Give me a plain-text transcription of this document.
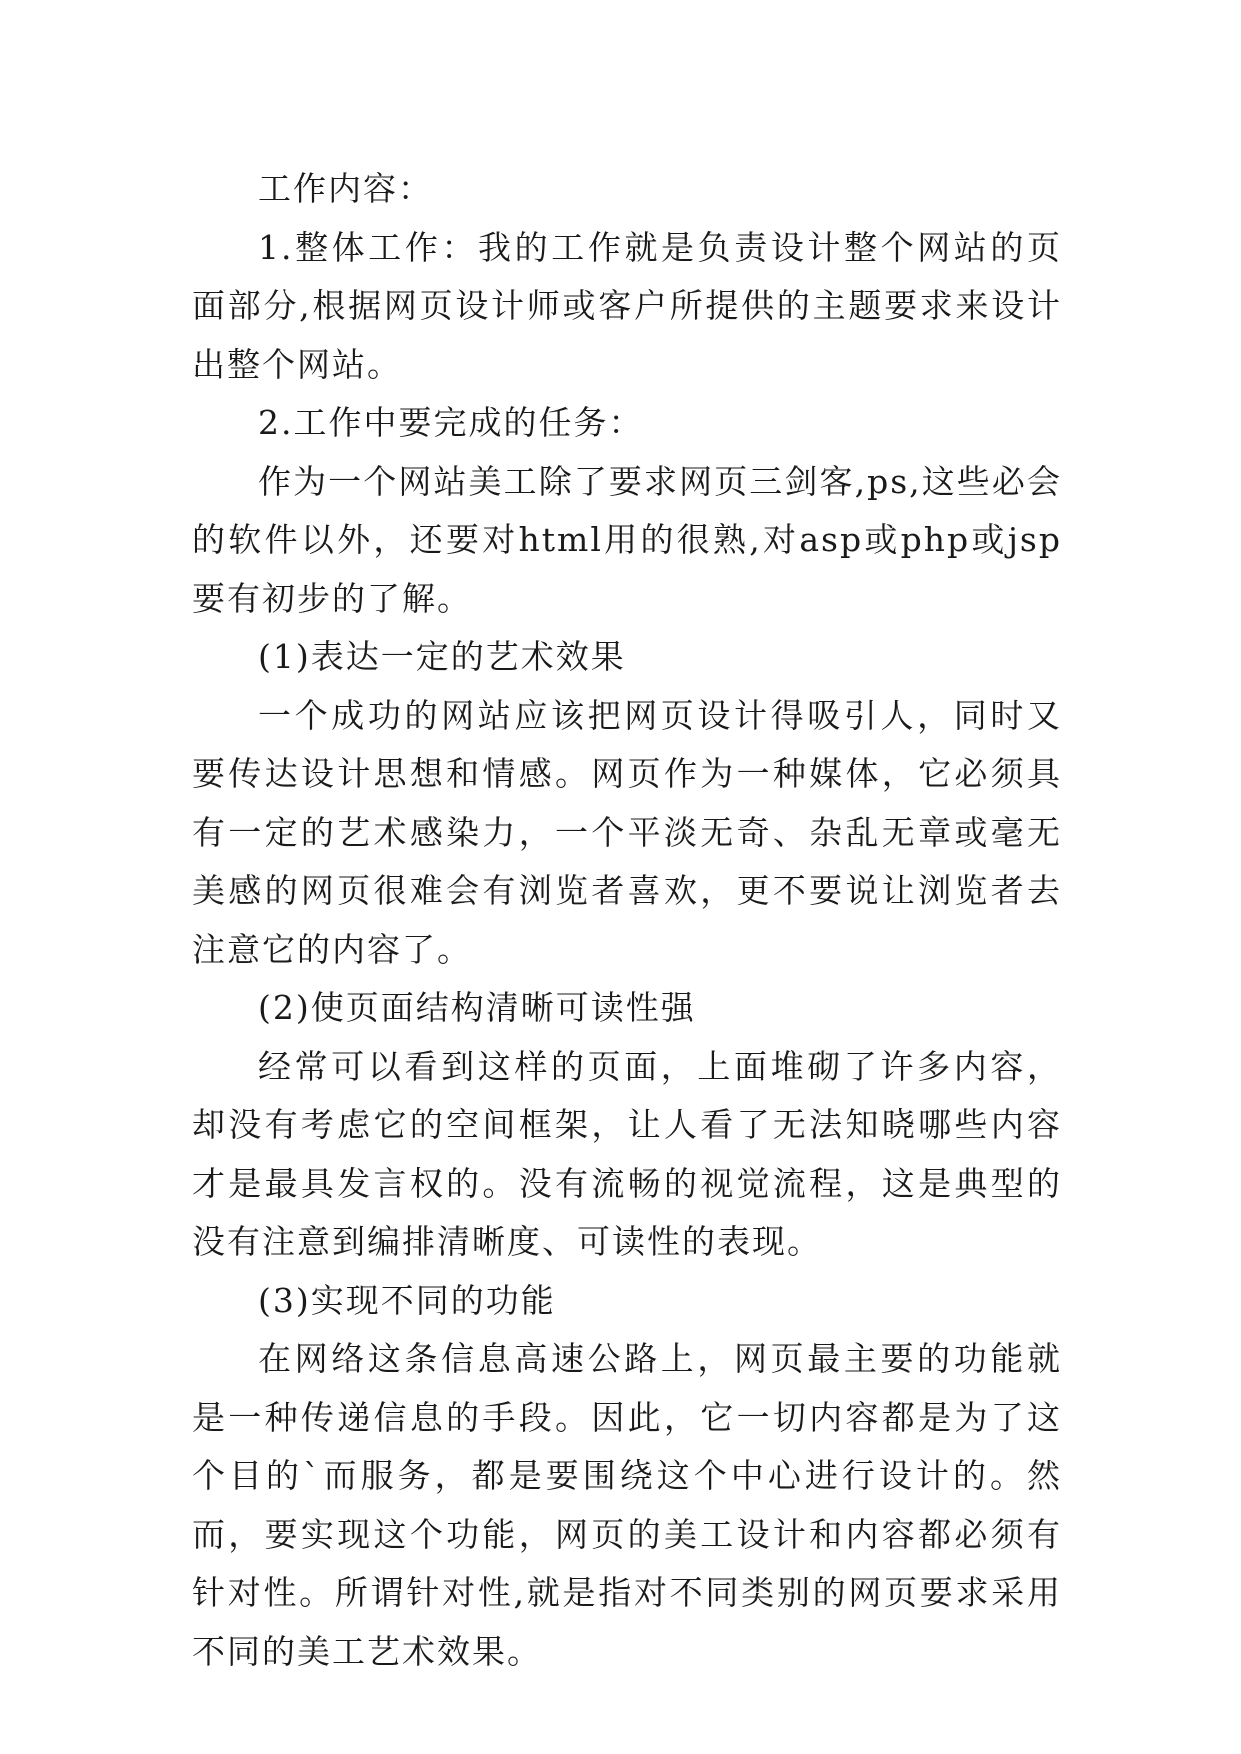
工作内容：

1.整体工作：我的工作就是负责设计整个网站的页面部分,根据网页设计师或客户所提供的主题要求来设计出整个网站。

2.工作中要完成的任务：

作为一个网站美工除了要求网页三剑客,ps,这些必会的软件以外，还要对html用的很熟,对asp或php或jsp要有初步的了解。

(1)表达一定的艺术效果

一个成功的网站应该把网页设计得吸引人，同时又要传达设计思想和情感。网页作为一种媒体，它必须具有一定的艺术感染力，一个平淡无奇、杂乱无章或毫无美感的网页很难会有浏览者喜欢，更不要说让浏览者去注意它的内容了。

(2)使页面结构清晰可读性强

经常可以看到这样的页面，上面堆砌了许多内容，却没有考虑它的空间框架，让人看了无法知晓哪些内容才是最具发言权的。没有流畅的视觉流程，这是典型的没有注意到编排清晰度、可读性的表现。

(3)实现不同的功能

在网络这条信息高速公路上，网页最主要的功能就是一种传递信息的手段。因此，它一切内容都是为了这个目的`而服务，都是要围绕这个中心进行设计的。然而，要实现这个功能，网页的美工设计和内容都必须有针对性。所谓针对性,就是指对不同类别的网页要求采用不同的美工艺术效果。
